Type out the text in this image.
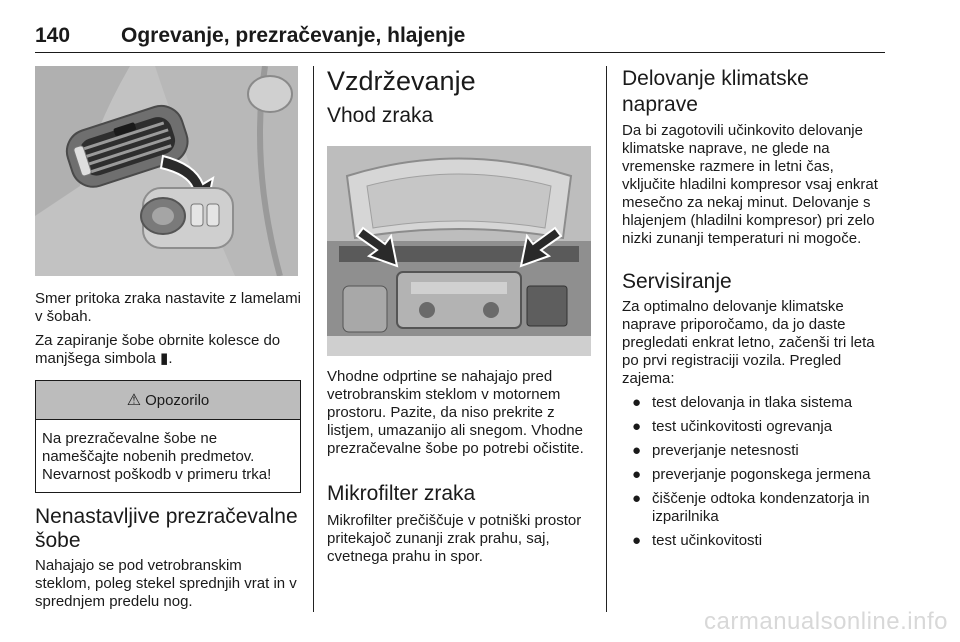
140 Ogrevanje, prezračevanje, hlajenje

Smer pritoka zraka nastavite z lamelami v šobah.

Za zapiranje šobe obrnite kolesce do manjšega simbola ▮.

⚠ Opozorilo

Na prezračevalne šobe ne nameščajte nobenih predmetov. Nevarnost poškodb v primeru trka!

Nenastavljive prezračevalne šobe

Nahajajo se pod vetrobranskim steklom, poleg stekel sprednjih vrat in v sprednjem predelu nog.

Vzdrževanje
Vhod zraka

Vhodne odprtine se nahajajo pred vetrobranskim steklom v motornem prostoru. Pazite, da niso prekrite z listjem, umazanijo ali snegom. Vhodne prezračevalne šobe po potrebi očistite.

Mikrofilter zraka

Mikrofilter prečiščuje v potniški prostor pritekajoč zunanji zrak prahu, saj, cvetnega prahu in spor.

Delovanje klimatske naprave

Da bi zagotovili učinkovito delovanje klimatske naprave, ne glede na vremenske razmere in letni čas, vključite hladilni kompresor vsaj enkrat mesečno za nekaj minut. Delovanje s hlajenjem (hladilni kompresor) pri zelo nizki zunanji temperaturi ni mogoče.

Servisiranje

Za optimalno delovanje klimatske naprave priporočamo, da jo daste pregledati enkrat letno, začenši tri leta po prvi registraciji vozila. Pregled zajema:

● test delovanja in tlaka sistema
● test učinkovitosti ogrevanja
● preverjanje netesnosti
● preverjanje pogonskega jermena
● čiščenje odtoka kondenzatorja in izparilnika
● test učinkovitosti
carmanualsonline.info
